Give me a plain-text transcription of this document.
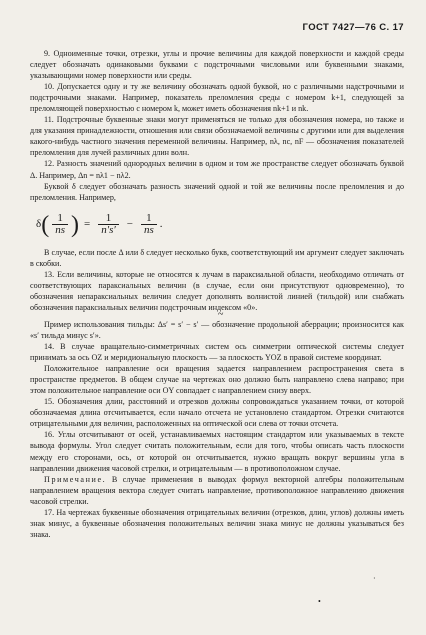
ГОСТ 7427—76 С. 17

9. Одноименные точки, отрезки, углы и прочие величины для каждой поверхности и каждой среды следует обозначать одинаковыми буквами с подстрочными числовыми или буквенными знаками, указывающими номер поверхности или среды.

10. Допускается одну и ту же величину обозначать одной буквой, но с различными надстрочными и подстрочными знаками. Например, показатель преломления среды с номером k+1, следующей за преломляющей поверхностью с номером k, может иметь обозначения nk+1 и nk.

11. Подстрочные буквенные знаки могут применяться не только для обозначения номера, но также и для указания принадлежности, отношения или связи обозначаемой величины с другими или для выделения какого-нибудь частного значения переменной величины. Например, nλ, nc, nF — обозначения показателей преломления для лучей различных длин волн.

12. Разность значений однородных величин в одном и том же пространстве следует обозначать буквой Δ. Например, Δn = nλ1 − nλ2.

Буквой δ следует обозначать разность значений одной и той же величины после преломления и до преломления. Например,

δ ( $\frac{1}{ns}$ ) = $\frac{1}{n's'} - \frac{1}{ns}$ .

В случае, если после Δ или δ следует несколько букв, соответствующий им аргумент следует заключать в скобки.

13. Если величины, которые не относятся к лучам в параксиальной области, необходимо отличать от соответствующих параксиальных величин (в случае, если они присутствуют одновременно), то обозначения непараксиальных величин следует дополнять волнистой линией (тильдой) или снабжать обозначения параксиальных величин подстрочным индексом «0».

~

Пример использования тильды: Δs′ = s′ − s′ — обозначение продольной аберрации; произносится как «s′ тильда минус s′».

14. В случае вращательно-симметричных систем ось симметрии оптической системы следует принимать за ось OZ и меридиональную плоскость — за плоскость YOZ в правой системе координат.

Положительное направление оси вращения задается направлением распространения света в пространстве предметов. В общем случае на чертежах оно должно быть направлено слева направо; при этом положительное направление оси OY совпадает с направлением снизу вверх.

15. Обозначения длин, расстояний и отрезков должны сопровождаться указанием точки, от которой обозначаемая длина отсчитывается, если начало отсчета не установлено стандартом. Отрезки считаются отрицательными для величин, расположенных на оптической оси слева от точки отсчета.

16. Углы отсчитывают от осей, устанавливаемых настоящим стандартом или указываемых в тексте вывода формулы. Угол следует считать положительным, если для того, чтобы описать часть плоскости между его сторонами, ось, от которой он отсчитывается, нужно вращать вокруг вершины угла в направлении движения часовой стрелки, и отрицательным — в противоположном случае.

Примечание. В случае применения в выводах формул векторной алгебры положительным направлением вращения вектора следует считать направление, противоположное направлению движения часовой стрелки.

17. На чертежах буквенные обозначения отрицательных величин (отрезков, длин, углов) должны иметь знак минус, а буквенные обозначения положительных величин знака минус не должны указываться без знака.

·
•
